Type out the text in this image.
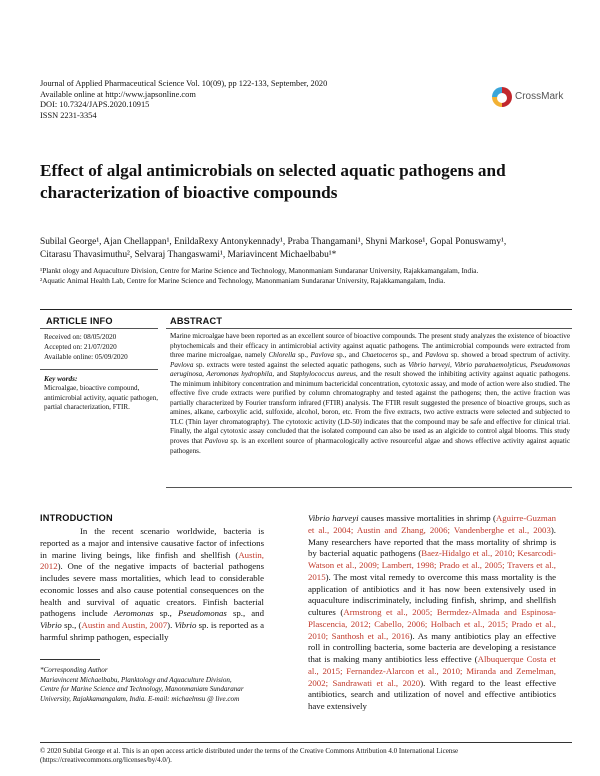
Journal of Applied Pharmaceutical Science Vol. 10(09), pp 122-133, September, 2020
Available online at http://www.japsonline.com
DOI: 10.7324/JAPS.2020.10915
ISSN 2231-3354
CrossMark
Effect of algal antimicrobials on selected aquatic pathogens and characterization of bioactive compounds
Subilal George¹, Ajan Chellappan¹, EnildaRexy Antonykennady¹, Praba Thangamani¹, Shyni Markose¹, Gopal Ponuswamy¹,
Citarasu Thavasimuthu², Selvaraj Thangaswami¹, Mariavincent Michaelbabu¹*
¹Plankt ology and Aquaculture Division, Centre for Marine Science and Technology, Manonmaniam Sundaranar University, Rajakkamangalam, India.
²Aquatic Animal Health Lab, Centre for Marine Science and Technology, Manonmaniam Sundaranar University, Rajakkamangalam, India.
ARTICLE INFO	ABSTRACT
Received on: 08/05/2020
Accepted on: 21/07/2020
Available online: 05/09/2020
Key words:
Microalgae, bioactive compound, antimicrobial activity, aquatic pathogen, partial characterization, FTIR.
Marine microalgae have been reported as an excellent source of bioactive compounds. The present study analyzes the existence of bioactive phytochemicals and their efficacy in antimicrobial activity against aquatic pathogens. The antimicrobial compounds were extracted from three marine microalgae, namely Chlorella sp., Pavlova sp., and Chaetoceros sp., and Pavlova sp. showed a broad spectrum of activity. Pavlova sp. extracts were tested against the selected aquatic pathogens, such as Vibrio harveyi, Vibrio parahaemolyticus, Pseudomonas aeruginosa, Aeromonas hydrophila, and Staphylococcus aureus, and the result showed the inhibiting activity against aquatic pathogens. The minimum inhibitory concentration and minimum bactericidal concentration, cytotoxic assay, and mode of action were also studied. The effective five crude extracts were purified by column chromatography and tested against the pathogens; then, the active fraction was partially characterized by Fourier transform infrared (FTIR) analysis. The FTIR result suggested the presence of bioactive groups, such as amines, alkane, carboxylic acid, sulfoxide, alcohol, boron, etc. From the five extracts, two active extracts were selected and subjected to TLC (Thin layer chromatography). The cytotoxic activity (LD-50) indicates that the compound may be safe and effective for clinical trial. Finally, the algal cytotoxic assay concluded that the isolated compound can also be used as an algicide to control algal blooms. This study proves that Pavlova sp. is an excellent source of pharmacologically active resourceful algae and shows effective activity against aquatic pathogens.
INTRODUCTION
In the recent scenario worldwide, bacteria is reported as a major and intensive causative factor of infections in marine living beings, like finfish and shellfish (Austin, 2012). One of the negative impacts of bacterial pathogens includes severe mass mortalities, which lead to considerable economic losses and also cause potential consequences on the health and survival of aquatic creators. Finfish bacterial pathogens include Aeromonas sp., Pseudomonas sp., and Vibrio sp., (Austin and Austin, 2007). Vibrio sp. is reported as a harmful shrimp pathogen, especially
Vibrio harveyi causes massive mortalities in shrimp (Aguirre-Guzman et al., 2004; Austin and Zhang, 2006; Vandenberghe et al., 2003). Many researchers have reported that the mass mortality of shrimp is by bacterial aquatic pathogens (Baez-Hidalgo et al., 2010; Kesarcodi-Watson et al., 2009; Lambert, 1998; Prado et al., 2005; Travers et al., 2015). The most vital remedy to overcome this mass mortality is the application of antibiotics and it has now been extensively used in aquaculture indiscriminately, including finfish, shrimp, and shellfish cultures (Armstrong et al., 2005; Bermdez-Almada and Espinosa-Plascencia, 2012; Cabello, 2006; Holbach et al., 2015; Prado et al., 2010; Santhosh et al., 2016). As many antibiotics play an effective roll in controlling bacteria, some bacteria are developing a resistance that is making many antibiotics less effective (Albuquerque Costa et al., 2015; Fernandez-Alarcon et al., 2010; Miranda and Zemelman, 2002; Sandrawati et al., 2020). With regard to the least effective antibiotics, search and utilization of novel and effective antibiotics have extensively
*Corresponding Author
Mariavincent Michaelbabu, Planktology and Aquaculture Division,
Centre for Marine Science and Technology, Manonmaniam Sundaranar
University, Rajakkamangalam, India. E-mail: michaelmsu @ live.com
© 2020 Subilal George et al. This is an open access article distributed under the terms of the Creative Commons Attribution 4.0 International License
(https://creativecommons.org/licenses/by/4.0/).
